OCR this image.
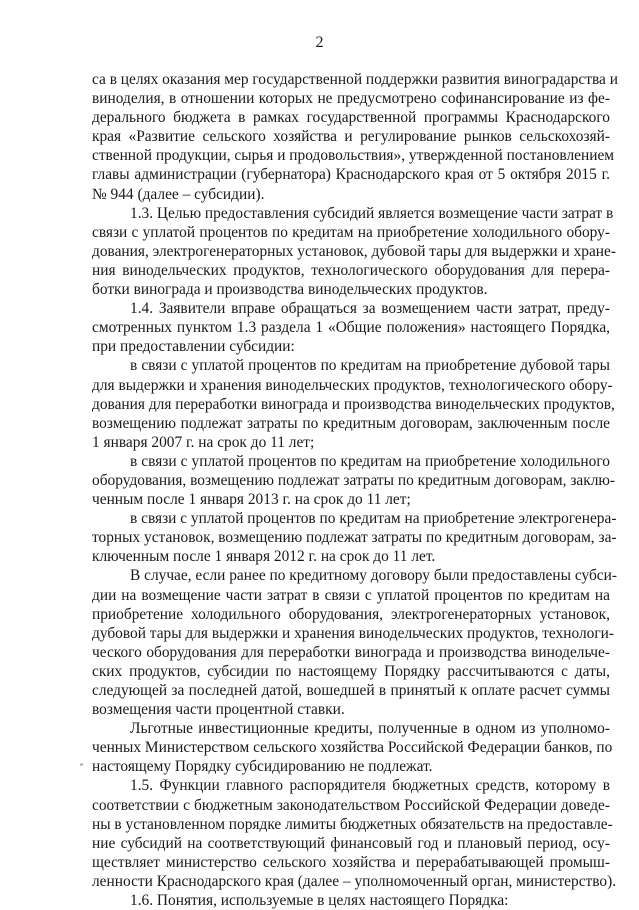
2

са в целях оказания мер государственной поддержки развития виноградарства и
виноделия, в отношении которых не предусмотрено софинансирование из фе-
дерального бюджета в рамках государственной программы Краснодарского
края «Развитие сельского хозяйства и регулирование рынков сельскохозяй-
ственной продукции, сырья и продовольствия», утвержденной постановлением
главы администрации (губернатора) Краснодарского края от 5 октября 2015 г.
№ 944 (далее – субсидии).

1.3. Целью предоставления субсидий является возмещение части затрат в
связи с уплатой процентов по кредитам на приобретение холодильного обору-
дования, электрогенераторных установок, дубовой тары для выдержки и хране-
ния винодельческих продуктов, технологического оборудования для перера-
ботки винограда и производства винодельческих продуктов.

1.4. Заявители вправе обращаться за возмещением части затрат, преду-
смотренных пунктом 1.3 раздела 1 «Общие положения» настоящего Порядка,
при предоставлении субсидии:

в связи с уплатой процентов по кредитам на приобретение дубовой тары
для выдержки и хранения винодельческих продуктов, технологического обору-
дования для переработки винограда и производства винодельческих продуктов,
возмещению подлежат затраты по кредитным договорам, заключенным после
1 января 2007 г. на срок до 11 лет;

в связи с уплатой процентов по кредитам на приобретение холодильного
оборудования, возмещению подлежат затраты по кредитным договорам, заклю-
ченным после 1 января 2013 г. на срок до 11 лет;

в связи с уплатой процентов по кредитам на приобретение электрогенера-
торных установок, возмещению подлежат затраты по кредитным договорам, за-
ключенным после 1 января 2012 г. на срок до 11 лет.

В случае, если ранее по кредитному договору были предоставлены субси-
дии на возмещение части затрат в связи с уплатой процентов по кредитам на
приобретение холодильного оборудования, электрогенераторных установок,
дубовой тары для выдержки и хранения винодельческих продуктов, технологи-
ческого оборудования для переработки винограда и производства винодельче-
ских продуктов, субсидии по настоящему Порядку рассчитываются с даты,
следующей за последней датой, вошедшей в принятый к оплате расчет суммы
возмещения части процентной ставки.

Льготные инвестиционные кредиты, полученные в одном из уполномо-
ченных Министерством сельского хозяйства Российской Федерации банков, по
настоящему Порядку субсидированию не подлежат.

1.5. Функции главного распорядителя бюджетных средств, которому в
соответствии с бюджетным законодательством Российской Федерации доведе-
ны в установленном порядке лимиты бюджетных обязательств на предоставле-
ние субсидий на соответствующий финансовый год и плановый период, осу-
ществляет министерство сельского хозяйства и перерабатывающей промыш-
ленности Краснодарского края (далее – уполномоченный орган, министерство).

1.6. Понятия, используемые в целях настоящего Порядка:
